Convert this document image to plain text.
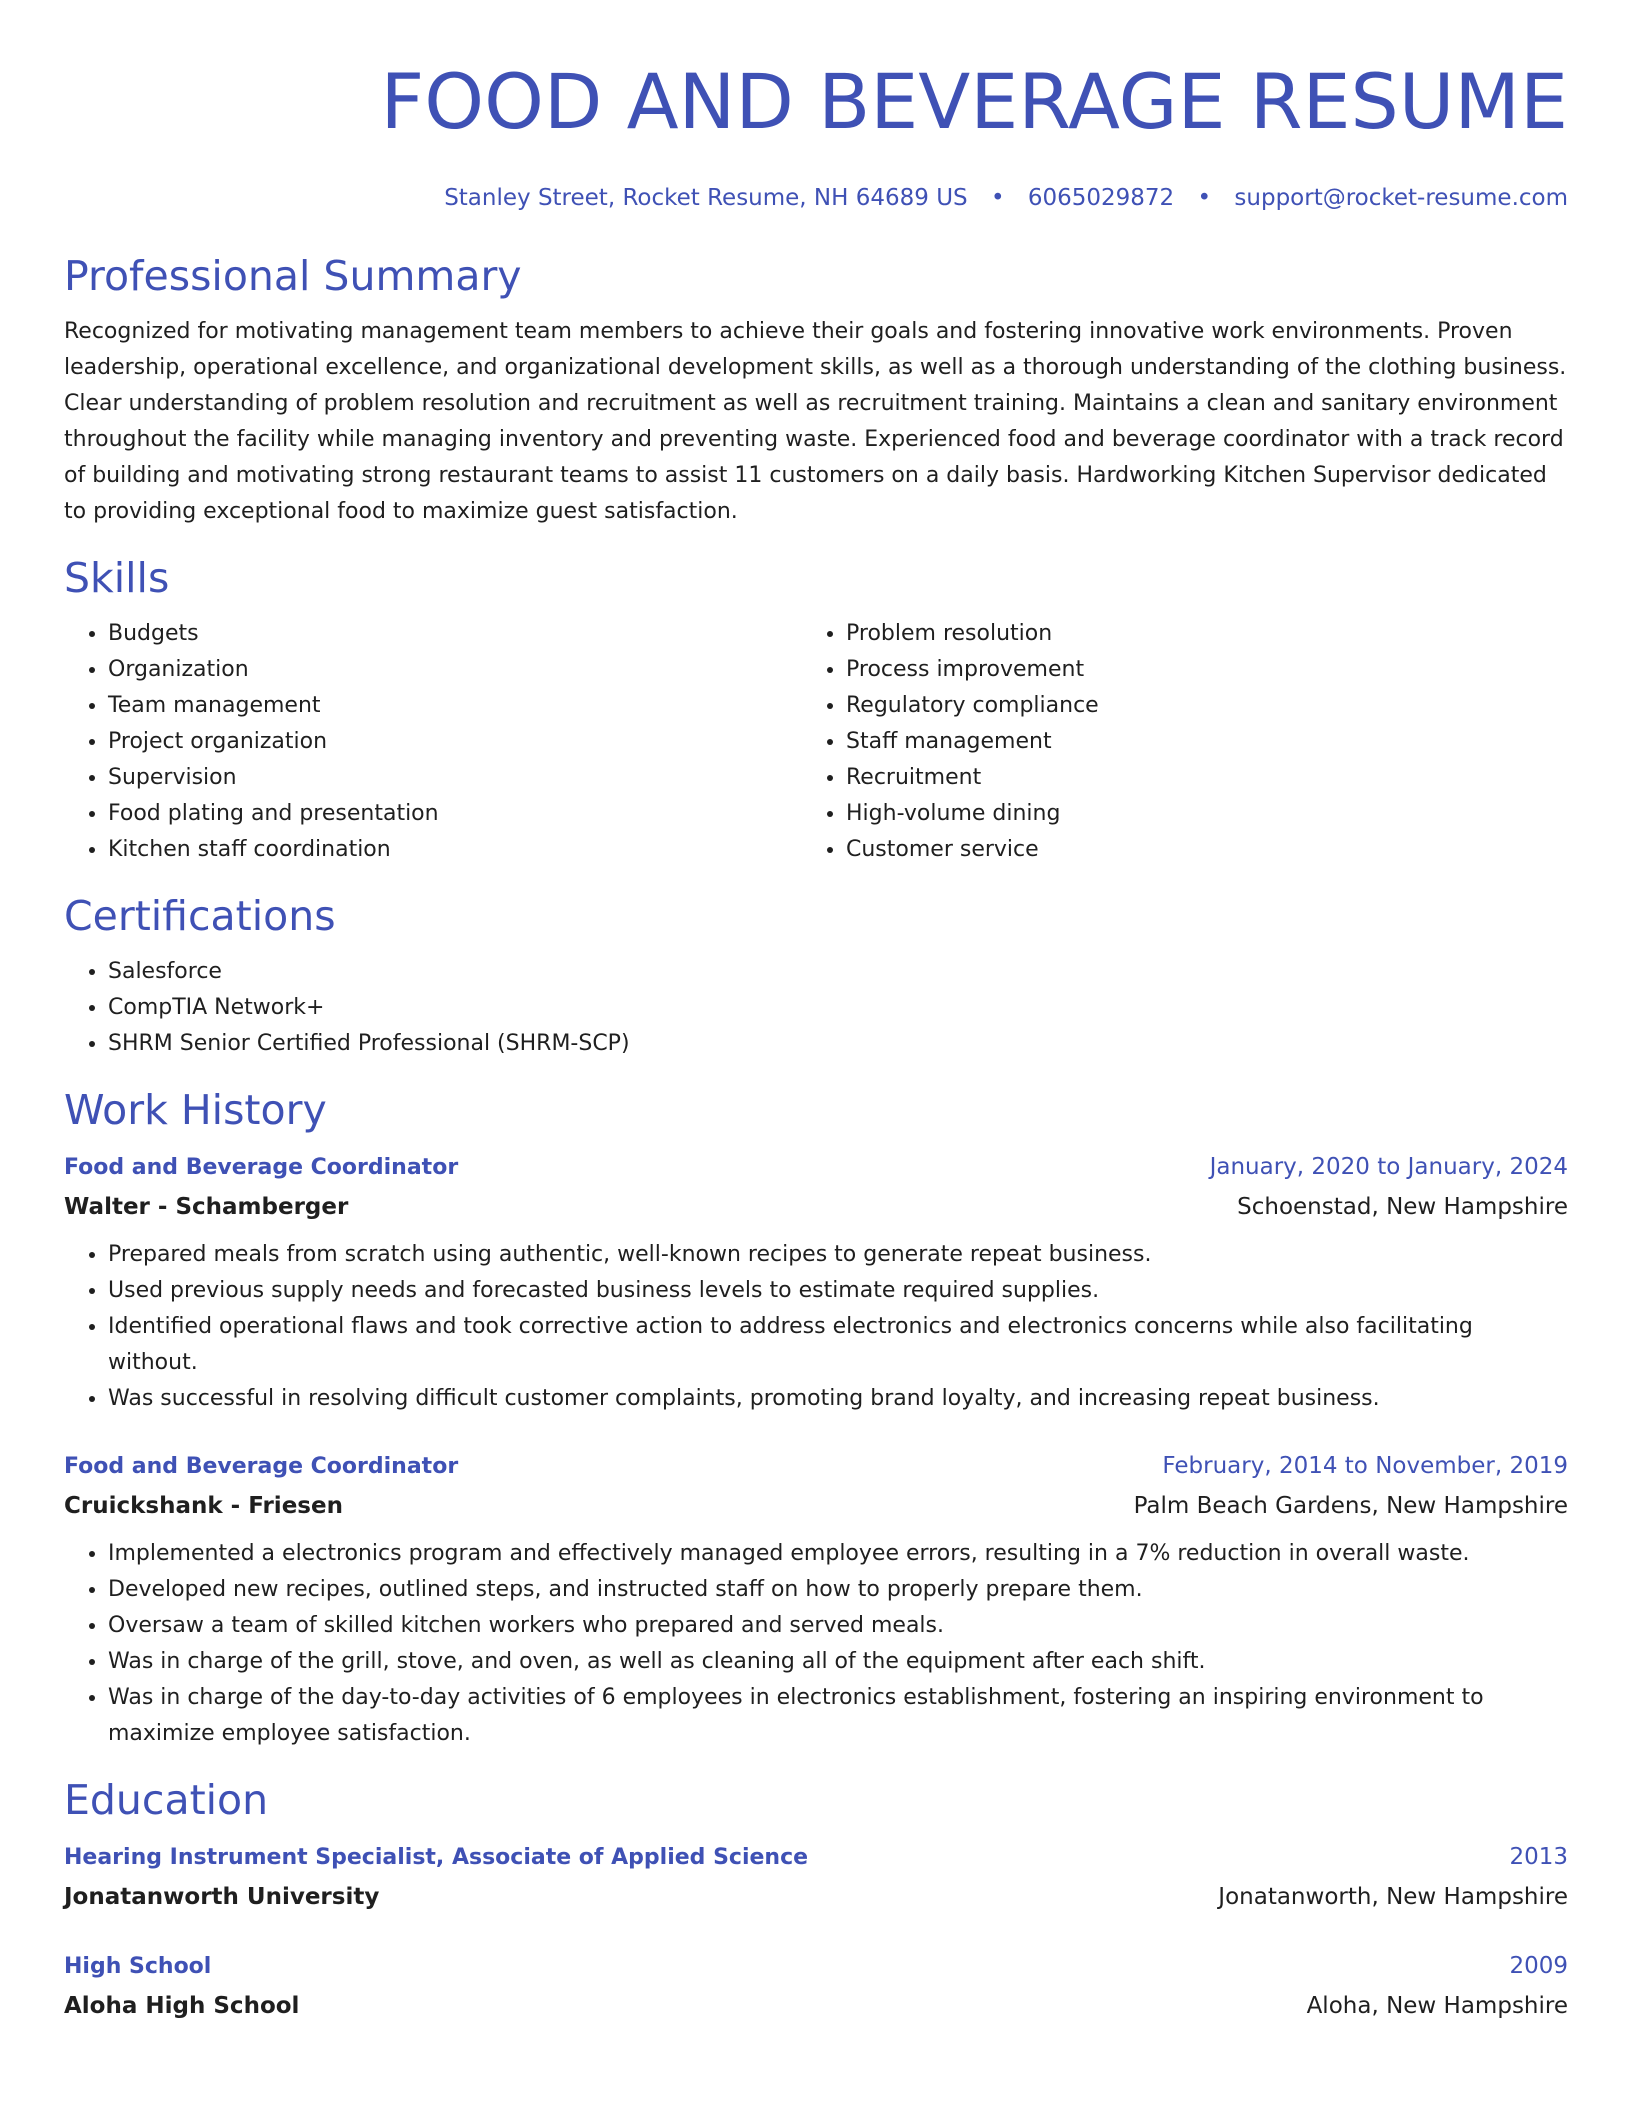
FOOD AND BEVERAGE RESUME
Stanley Street, Rocket Resume, NH 64689 US • 6065029872 • support@rocket-resume.com
Professional Summary

Recognized for motivating management team members to achieve their goals and fostering innovative work environments. Proven leadership, operational excellence, and organizational development skills, as well as a thorough understanding of the clothing business. Clear understanding of problem resolution and recruitment as well as recruitment training. Maintains a clean and sanitary environment throughout the facility while managing inventory and preventing waste. Experienced food and beverage coordinator with a track record of building and motivating strong restaurant teams to assist 11 customers on a daily basis. Hardworking Kitchen Supervisor dedicated to providing exceptional food to maximize guest satisfaction.

Skills
• Budgets
• Organization
• Team management
• Project organization
• Supervision
• Food plating and presentation
• Kitchen staff coordination
• Problem resolution
• Process improvement
• Regulatory compliance
• Staff management
• Recruitment
• High-volume dining
• Customer service
Certifications
• Salesforce
• CompTIA Network+
• SHRM Senior Certified Professional (SHRM-SCP)
Work History
Food and Beverage Coordinator	January, 2020 to January, 2024
Walter - Schamberger	Schoenstad, New Hampshire
• Prepared meals from scratch using authentic, well-known recipes to generate repeat business.
• Used previous supply needs and forecasted business levels to estimate required supplies.
• Identified operational flaws and took corrective action to address electronics and electronics concerns while also facilitating without.
• Was successful in resolving difficult customer complaints, promoting brand loyalty, and increasing repeat business.
Food and Beverage Coordinator	February, 2014 to November, 2019
Cruickshank - Friesen	Palm Beach Gardens, New Hampshire
• Implemented a electronics program and effectively managed employee errors, resulting in a 7% reduction in overall waste.
• Developed new recipes, outlined steps, and instructed staff on how to properly prepare them.
• Oversaw a team of skilled kitchen workers who prepared and served meals.
• Was in charge of the grill, stove, and oven, as well as cleaning all of the equipment after each shift.
• Was in charge of the day-to-day activities of 6 employees in electronics establishment, fostering an inspiring environment to maximize employee satisfaction.
Education
Hearing Instrument Specialist, Associate of Applied Science	2013
Jonatanworth University	Jonatanworth, New Hampshire
High School	2009
Aloha High School	Aloha, New Hampshire
